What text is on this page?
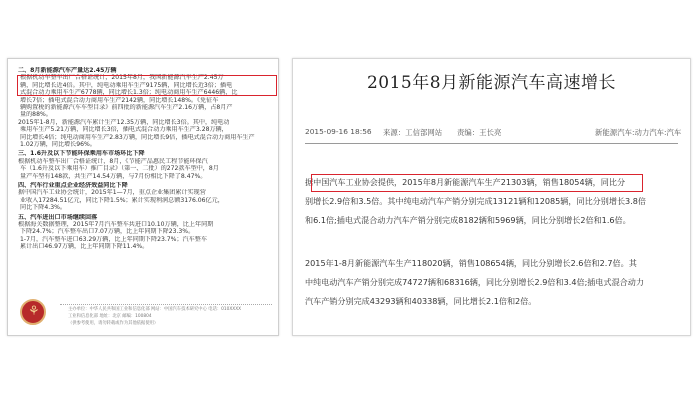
二、8月新能源汽车产量达2.45万辆

根据机动车整车出厂合格证统计，2015年8月，我国新能源汽车生产2.45万

辆，同比增长近4倍。其中，纯电动乘用车生产9175辆，同比增长近3倍；插电

式混合动力乘用车生产6778辆，同比增长1.3倍；纯电动商用车生产6446辆，比

增长7倍；插电式混合动力商用车生产2142辆，同比增长148%。《免征车

辆购置税的新能源汽车车型目录》前四批的新能源汽车生产2.16万辆，占8月产

量的88%。

2015年1-8月，新能源汽车累计生产12.35万辆，同比增长3倍。其中，纯电动

乘用车生产5.21万辆，同比增长3倍，插电式混合动力乘用车生产3.28万辆，

同比增长4倍；纯电动商用车生产2.83万辆，同比增长9倍，插电式混合动力商用车生产

1.02万辆，同比增长96%。

三、1.6升及以下节能环保乘用车市场环比下降

根据机动车整车出厂合格证统计，8月，《节能产品惠民工程节能环保汽

车（1.6升及以下乘用车）推广目录》（第一、二批）的272款车型中，8月

量产车型有148款，共生产14.54万辆，与7月份相比下降了8.47%。

四、汽车行业重点企业经济效益同比下降

据中国汽车工业协会统计，2015年1—7月，重点企业集团累计实现营

业收入17284.51亿元，同比下降1.5%；累计实现利润总额3176.06亿元，

同比下降4.3%。

五、汽车进出口市场继续回落

根据海关数据整理，2015年7月汽车整车共进口10.10万辆，比上年同期

下降24.7%；汽车整车出口7.07万辆，比上年同期下降23.3%。

1-7月，汽车整车进口63.29万辆，比上年同期下降23.7%；汽车整车

累计出口46.97万辆，比上年同期下降11.4%。

⚘	主办单位：中华人民共和国工业和信息化部 网站：中国汽车技术研究中心 电话：010XXXX
工业和信息化部 地址：北京 邮编：100804
（供参考使用，请勿转载或作为其他依据使用）
2015年8月新能源汽车高速增长
2015-09-16 18:56 来源：工信部网站 责编：王长亮	新能源汽车:动力汽车:汽车
据中国汽车工业协会提供，2015年8月新能源汽车生产21303辆，销售18054辆，同比分
别增长2.9倍和3.5倍。其中纯电动汽车产销分别完成13121辆和12085辆，同比分别增长3.8倍
和6.1倍;插电式混合动力汽车产销分别完成8182辆和5969辆，同比分别增长2倍和1.6倍。
2015年1-8月新能源汽车生产118020辆，销售108654辆，同比分别增长2.6倍和2.7倍。其
中纯电动汽车产销分别完成74727辆和68316辆，同比分别增长2.9倍和3.4倍;插电式混合动力
汽车产销分别完成43293辆和40338辆，同比增长2.1倍和2倍。
